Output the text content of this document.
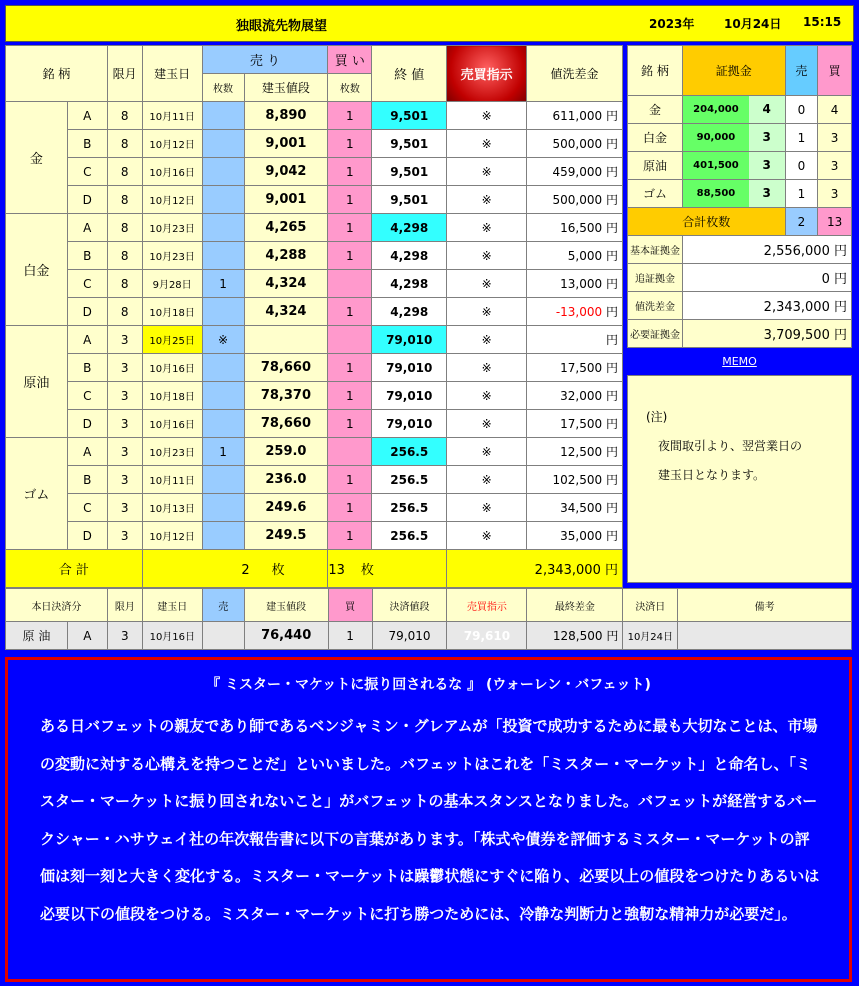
独眼流先物展望	2023年 10月24日 15:15
銘 柄		限月	建玉日	売 り		買 い	終 値	売買指示	値洗差金
				枚数	建玉値段	枚数			
金	A	8	10月11日		8,890	1	9,501	※	611,000 円
	B	8	10月12日		9,001	1	9,501	※	500,000 円
	C	8	10月16日		9,042	1	9,501	※	459,000 円
	D	8	10月12日		9,001	1	9,501	※	500,000 円
白金	A	8	10月23日		4,265	1	4,298	※	16,500 円
	B	8	10月23日		4,288	1	4,298	※	5,000 円
	C	8	9月28日	1	4,324		4,298	※	13,000 円
	D	8	10月18日		4,324	1	4,298	※	-13,000 円
原油	A	3	10月25日	※			79,010	※	円
	B	3	10月16日		78,660	1	79,010	※	17,500 円
	C	3	10月18日		78,370	1	79,010	※	32,000 円
	D	3	10月16日		78,660	1	79,010	※	17,500 円
ゴム	A	3	10月23日	1	259.0		256.5	※	12,500 円
	B	3	10月11日		236.0	1	256.5	※	102,500 円
	C	3	10月13日		249.6	1	256.5	※	34,500 円
	D	3	10月12日		249.5	1	256.5	※	35,000 円
合 計			2 枚			13 枚		2,343,000 円	
銘 柄	証拠金	売	買
金	204,000 4	0	4
白金	90,000 3	1	3
原油	401,500 3	0	3
ゴム	88,500 3	1	3
合計枚数		2	13
基本証拠金	2,556,000 円		
追証拠金	0 円		
値洗差金	2,343,000 円		
必要証拠金	3,709,500 円		
MEMO
(注)
夜間取引より、翌営業日の
建玉日となります。
本日決済分		限月	建玉日	売	建玉値段	買	決済値段	売買指示	最終差金	決済日	備考
原 油	A	3	10月16日		76,440	1	79,010	79,610	128,500 円	10月24日	
『 ミスター・マケットに振り回されるな 』 (ウォーレン・バフェット)
ある日バフェットの親友であり師であるベンジャミン・グレアムが「投資で成功するために最も大切なことは、市場の変動に対する心構えを持つことだ」といいました。バフェットはこれを「ミスター・マーケット」と命名し、「ミスター・マーケットに振り回されないこと」がバフェットの基本スタンスとなりました。バフェットが経営するバークシャー・ハサウェイ社の年次報告書に以下の言葉があります。「株式や債券を評価するミスター・マーケットの評価は刻一刻と大きく変化する。ミスター・マーケットは躁鬱状態にすぐに陥り、必要以上の値段をつけたりあるいは必要以下の値段をつける。ミスター・マーケットに打ち勝つためには、冷静な判断力と強靭な精神力が必要だ」。
